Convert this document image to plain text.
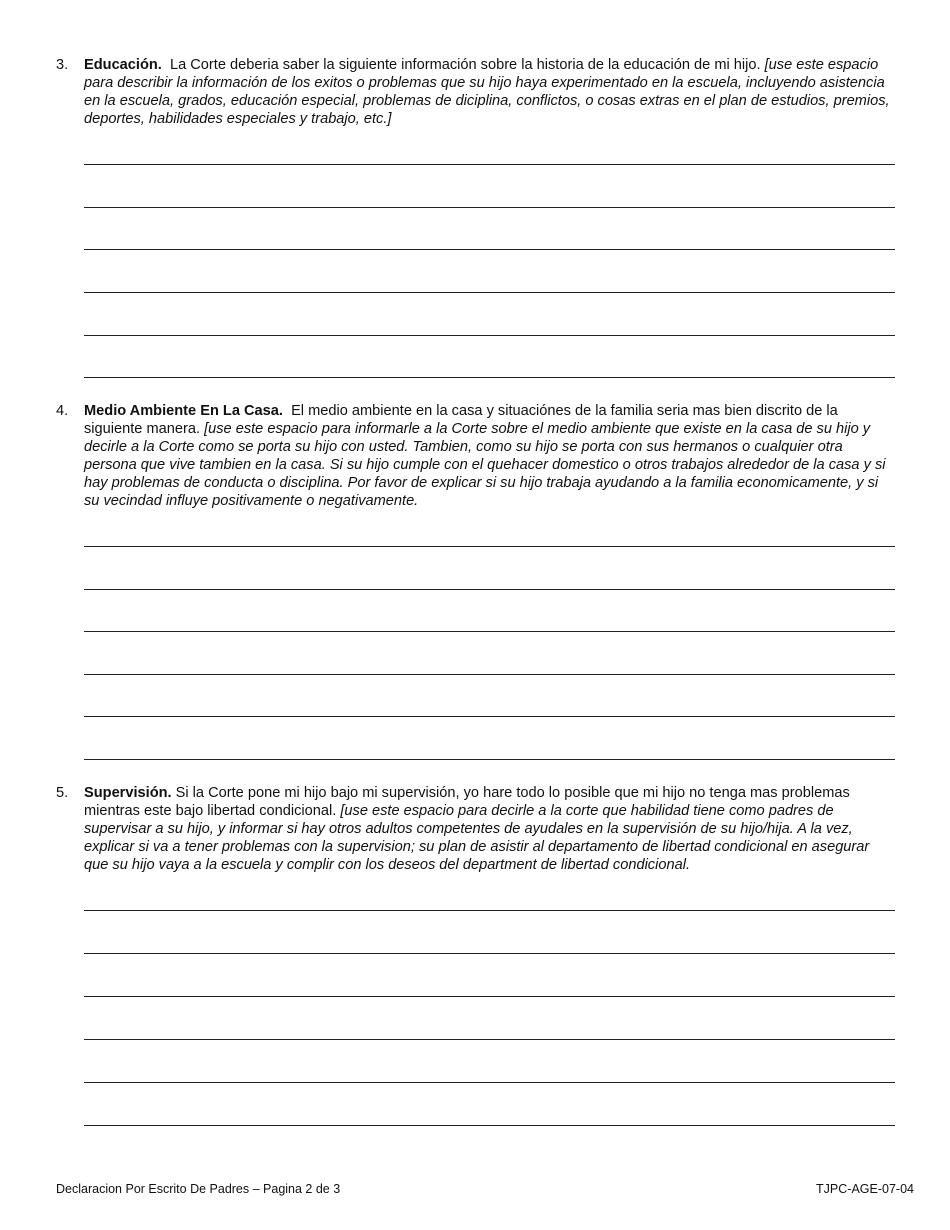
3.	Educación. La Corte deberia saber la siguiente información sobre la historia de la educación de mi hijo. [use este espacio para describir la información de los exitos o problemas que su hijo haya experimentado en la escuela, incluyendo asistencia en la escuela, grados, educación especial, problemas de diciplina, conflictos, o cosas extras en el plan de estudios, premios, deportes, habilidades especiales y trabajo, etc.]
4.	Medio Ambiente En La Casa. El medio ambiente en la casa y situaciónes de la familia seria mas bien discrito de la siguiente manera. [use este espacio para informarle a la Corte sobre el medio ambiente que existe en la casa de su hijo y decirle a la Corte como se porta su hijo con usted. Tambien, como su hijo se porta con sus hermanos o cualquier otra persona que vive tambien en la casa. Si su hijo cumple con el quehacer domestico o otros trabajos alrededor de la casa y si hay problemas de conducta o disciplina. Por favor de explicar si su hijo trabaja ayudando a la familia economicamente, y si su vecindad influye positivamente o negativamente.
5.	Supervisión. Si la Corte pone mi hijo bajo mi supervisión, yo hare todo lo posible que mi hijo no tenga mas problemas mientras este bajo libertad condicional. [use este espacio para decirle a la corte que habilidad tiene como padres de supervisar a su hijo, y informar si hay otros adultos competentes de ayudales en la supervisión de su hijo/hija. A la vez, explicar si va a tener problemas con la supervision; su plan de asistir al departamento de libertad condicional en asegurar que su hijo vaya a la escuela y complir con los deseos del department de libertad condicional.
Declaracion Por Escrito De Padres – Pagina 2 de 3	TJPC-AGE-07-04
